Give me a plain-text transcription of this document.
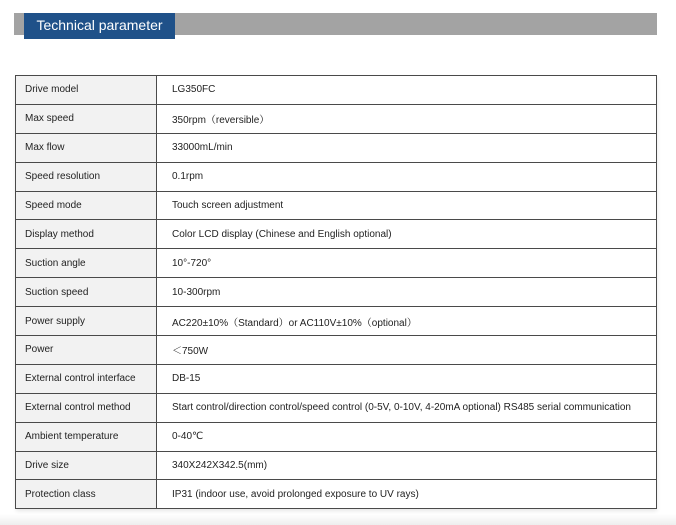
Technical parameter
Drive model	LG350FC
Max speed	350rpm（reversible）
Max flow	33000mL/min
Speed resolution	0.1rpm
Speed mode	Touch screen adjustment
Display method	Color LCD display (Chinese and English optional)
Suction angle	10°-720°
Suction speed	10-300rpm
Power supply	AC220±10%（Standard）or AC110V±10%（optional）
Power	＜750W
External control interface	DB-15
External control method	Start control/direction control/speed control (0-5V, 0-10V, 4-20mA optional) RS485 serial communication
Ambient temperature	0-40℃
Drive size	340X242X342.5(mm)
Protection class	IP31 (indoor use, avoid prolonged exposure to UV rays)
